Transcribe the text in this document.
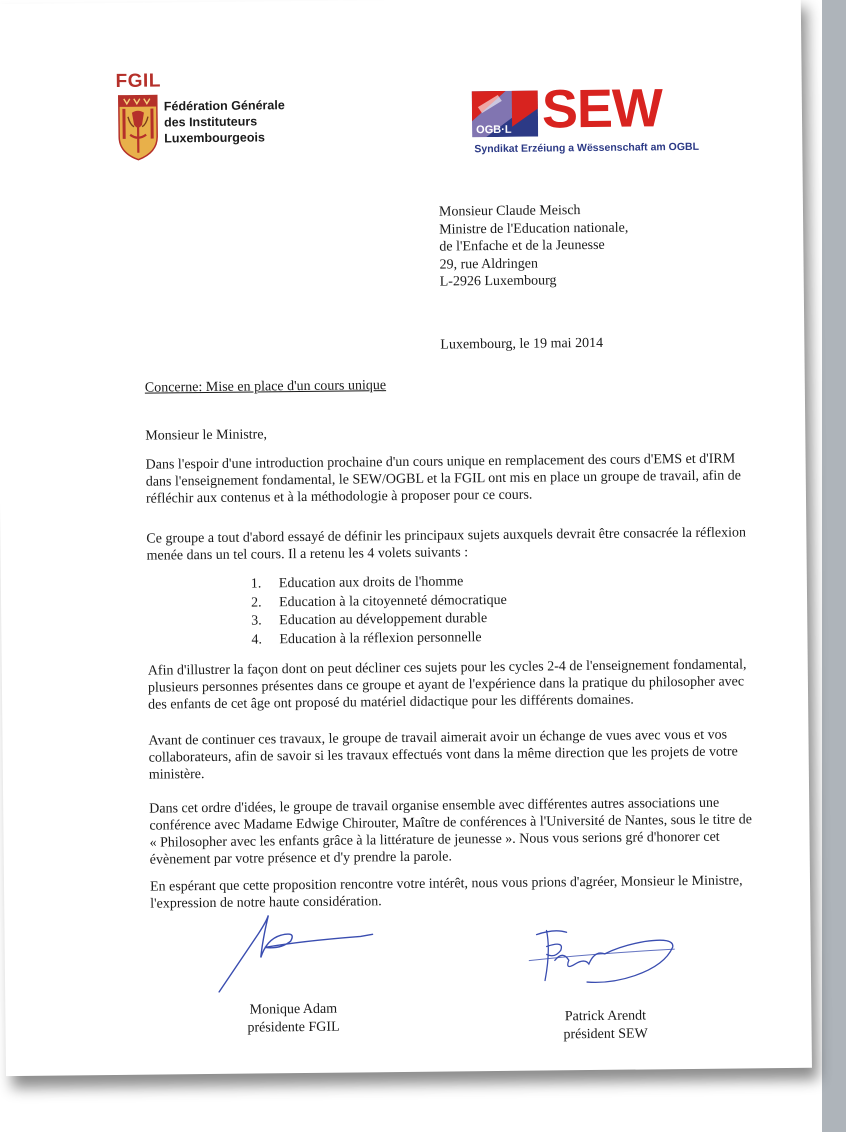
FGIL
Fédération Générale
des Instituteurs
Luxembourgeois
OGB·L SEW
Syndikat Erzéiung a Wëssenschaft am OGBL
Monsieur Claude Meisch
Ministre de l'Education nationale,
de l'Enfache et de la Jeunesse
29, rue Aldringen
L-2926 Luxembourg
Luxembourg, le 19 mai 2014
Concerne: Mise en place d'un cours unique
Monsieur le Ministre,
Dans l'espoir d'une introduction prochaine d'un cours unique en remplacement des cours d'EMS et d'IRM
dans l'enseignement fondamental, le SEW/OGBL et la FGIL ont mis en place un groupe de travail, afin de
réfléchir aux contenus et à la méthodologie à proposer pour ce cours.
Ce groupe a tout d'abord essayé de définir les principaux sujets auxquels devrait être consacrée la réflexion
menée dans un tel cours. Il a retenu les 4 volets suivants :
1.	Education aux droits de l'homme
2.	Education à la citoyenneté démocratique
3.	Education au développement durable
4.	Education à la réflexion personnelle
Afin d'illustrer la façon dont on peut décliner ces sujets pour les cycles 2-4 de l'enseignement fondamental,
plusieurs personnes présentes dans ce groupe et ayant de l'expérience dans la pratique du philosopher avec
des enfants de cet âge ont proposé du matériel didactique pour les différents domaines.
Avant de continuer ces travaux, le groupe de travail aimerait avoir un échange de vues avec vous et vos
collaborateurs, afin de savoir si les travaux effectués vont dans la même direction que les projets de votre
ministère.
Dans cet ordre d'idées, le groupe de travail organise ensemble avec différentes autres associations une
conférence avec Madame Edwige Chirouter, Maître de conférences à l'Université de Nantes, sous le titre de
« Philosopher avec les enfants grâce à la littérature de jeunesse ». Nous vous serions gré d'honorer cet
évènement par votre présence et d'y prendre la parole.
En espérant que cette proposition rencontre votre intérêt, nous vous prions d'agréer, Monsieur le Ministre,
l'expression de notre haute considération.
Monique Adam
présidente FGIL
Patrick Arendt
président SEW
